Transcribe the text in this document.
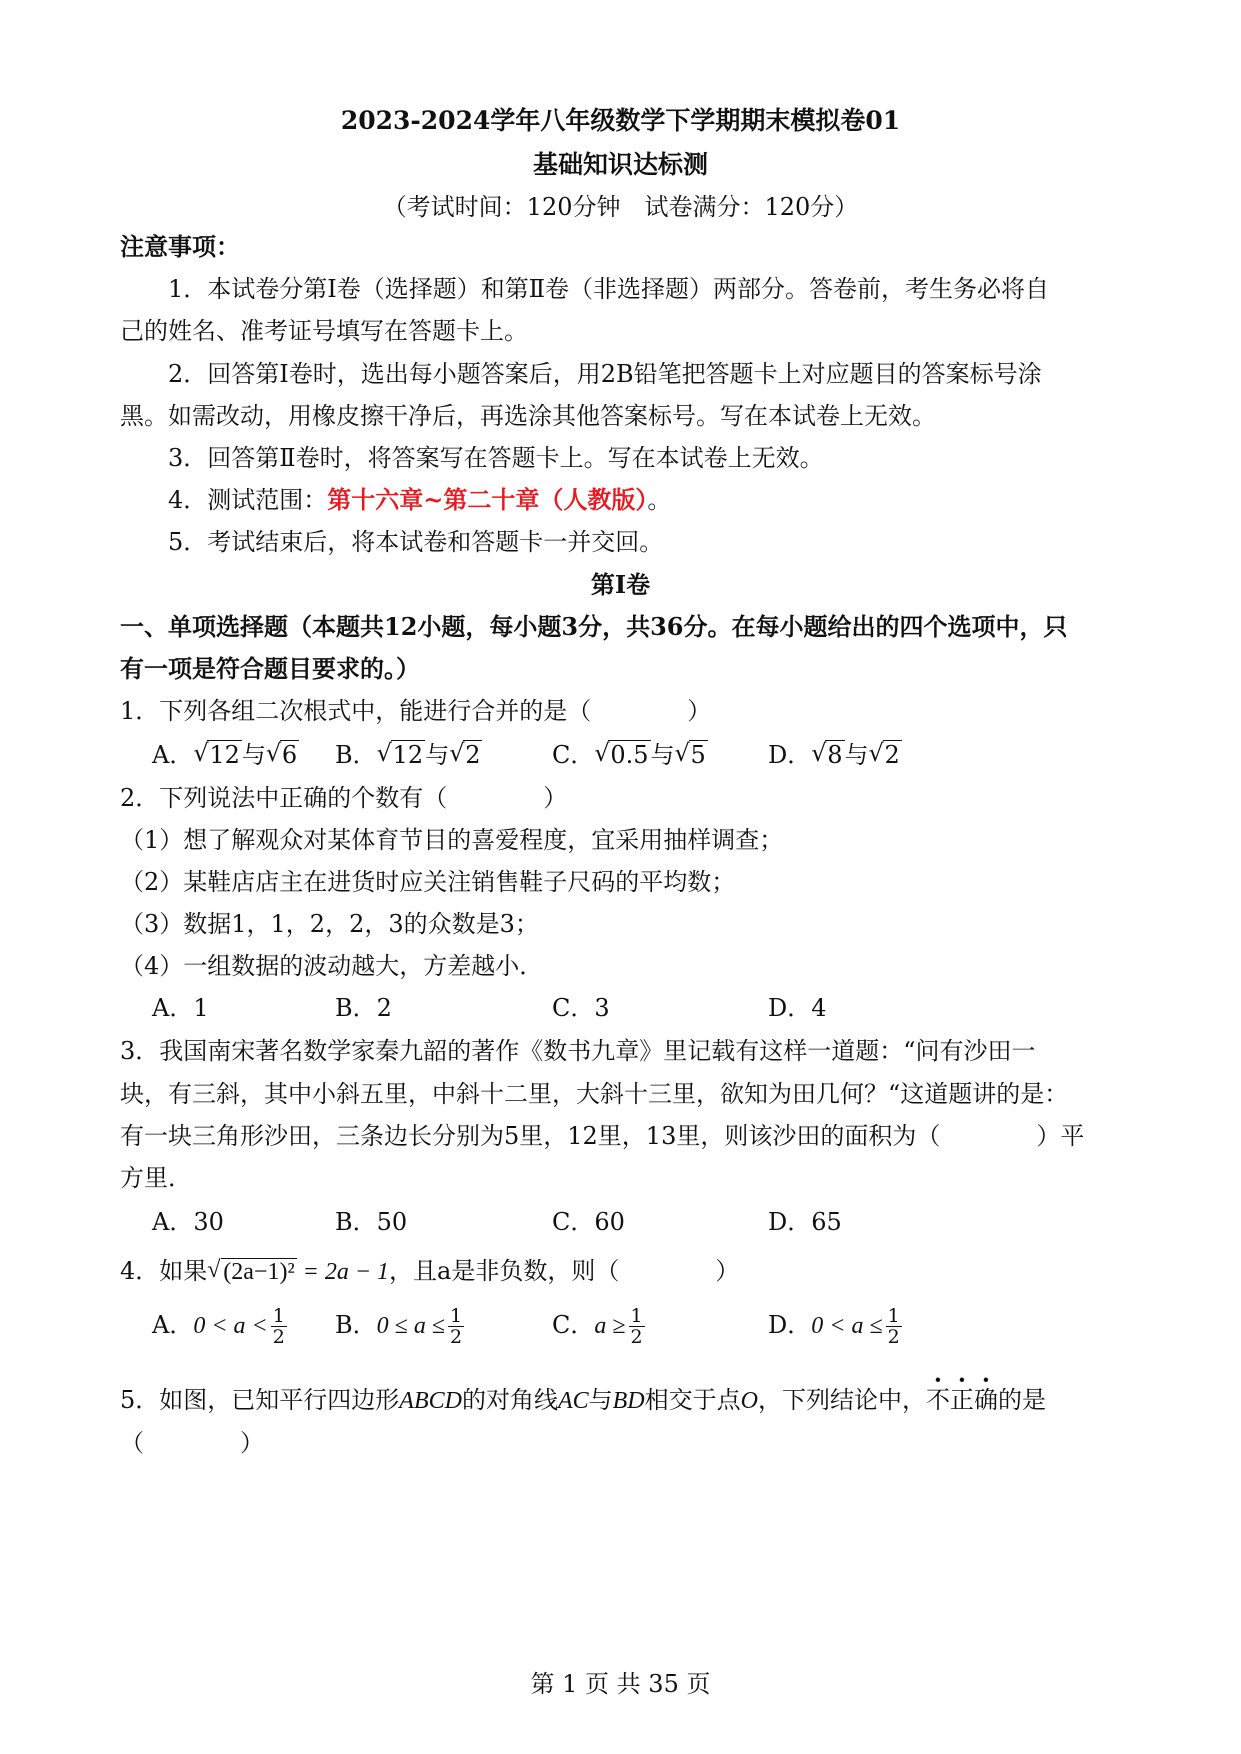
2023-2024学年八年级数学下学期期末模拟卷01
基础知识达标测
（考试时间：120分钟　试卷满分：120分）
注意事项：
1．本试卷分第Ⅰ卷（选择题）和第Ⅱ卷（非选择题）两部分。答卷前，考生务必将自
己的姓名、准考证号填写在答题卡上。
2．回答第Ⅰ卷时，选出每小题答案后，用2B铅笔把答题卡上对应题目的答案标号涂
黑。如需改动，用橡皮擦干净后，再选涂其他答案标号。写在本试卷上无效。
3．回答第Ⅱ卷时，将答案写在答题卡上。写在本试卷上无效。
4．测试范围：第十六章~第二十章（人教版）。
5．考试结束后，将本试卷和答题卡一并交回。
第Ⅰ卷
一、单项选择题（本题共12小题，每小题3分，共36分。在每小题给出的四个选项中，只
有一项是符合题目要求的。）
1．下列各组二次根式中，能进行合并的是（　　　　）
A． √ 12与 √ 6 B． √ 12与 √ 2	C． √ 0.5与 √ 5	D． √ 8与 √ 2
2．下列说法中正确的个数有（　　　　）
（1）想了解观众对某体育节目的喜爱程度，宜采用抽样调查；
（2）某鞋店店主在进货时应关注销售鞋子尺码的平均数；
（3）数据1，1，2，2，3的众数是3；
（4）一组数据的波动越大，方差越小．
A．1	B．2	C．3	D．4
3．我国南宋著名数学家秦九韶的著作《数书九章》里记载有这样一道题：“问有沙田一
块，有三斜，其中小斜五里，中斜十二里，大斜十三里，欲知为田几何？“这道题讲的是：
有一块三角形沙田，三条边长分别为5里，12里，13里，则该沙田的面积为（　　　　）平
方里．
A．30	B．50	C．60	D．65
4．如果 √ (2a−1)² = 2a − 1，且a是非负数，则（　　　　）
A．$0 < a < \frac{1}{2}$ B．$0 \le a \le \frac{1}{2}$	C．$a \ge \frac{1}{2}$	D．$0 < a \le \frac{1}{2}$
5．如图，已知平行四边形ABCD的对角线AC与BD相交于点O，下列结论中，不正确的是
（　　　　）
第 1 页 共 35 页
